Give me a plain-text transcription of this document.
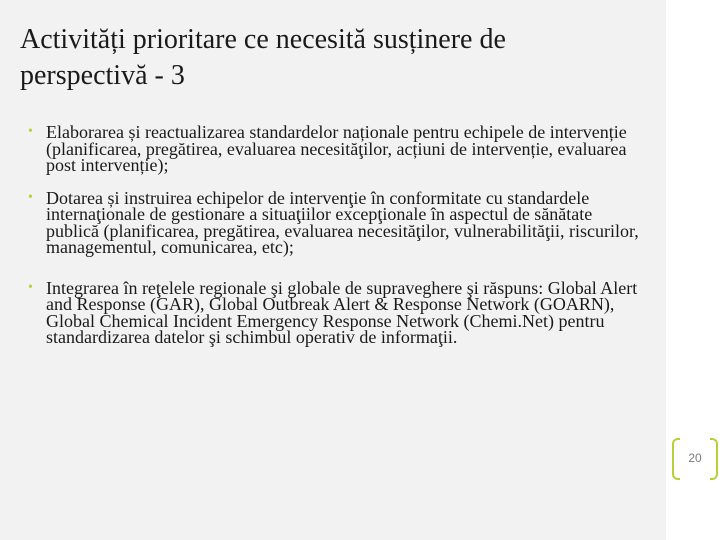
Activități prioritare ce necesită susținere de perspectivă - 3
• Elaborarea și reactualizarea standardelor naționale pentru echipele de intervenție (planificarea, pregătirea, evaluarea necesităţilor, acțiuni de intervenție, evaluarea post intervenție);
• Dotarea și instruirea echipelor de intervenţie în conformitate cu standardele internaţionale de gestionare a situaţiilor excepţionale în aspectul de sănătate publică (planificarea, pregătirea, evaluarea necesităţilor, vulnerabilităţii, riscurilor, managementul, comunicarea, etc);
• Integrarea în reţelele regionale şi globale de supraveghere şi răspuns: Global Alert and Response (GAR), Global Outbreak Alert & Response Network (GOARN), Global Chemical Incident Emergency Response Network (Chemi.Net) pentru standardizarea datelor şi schimbul operativ de informaţii.
20
